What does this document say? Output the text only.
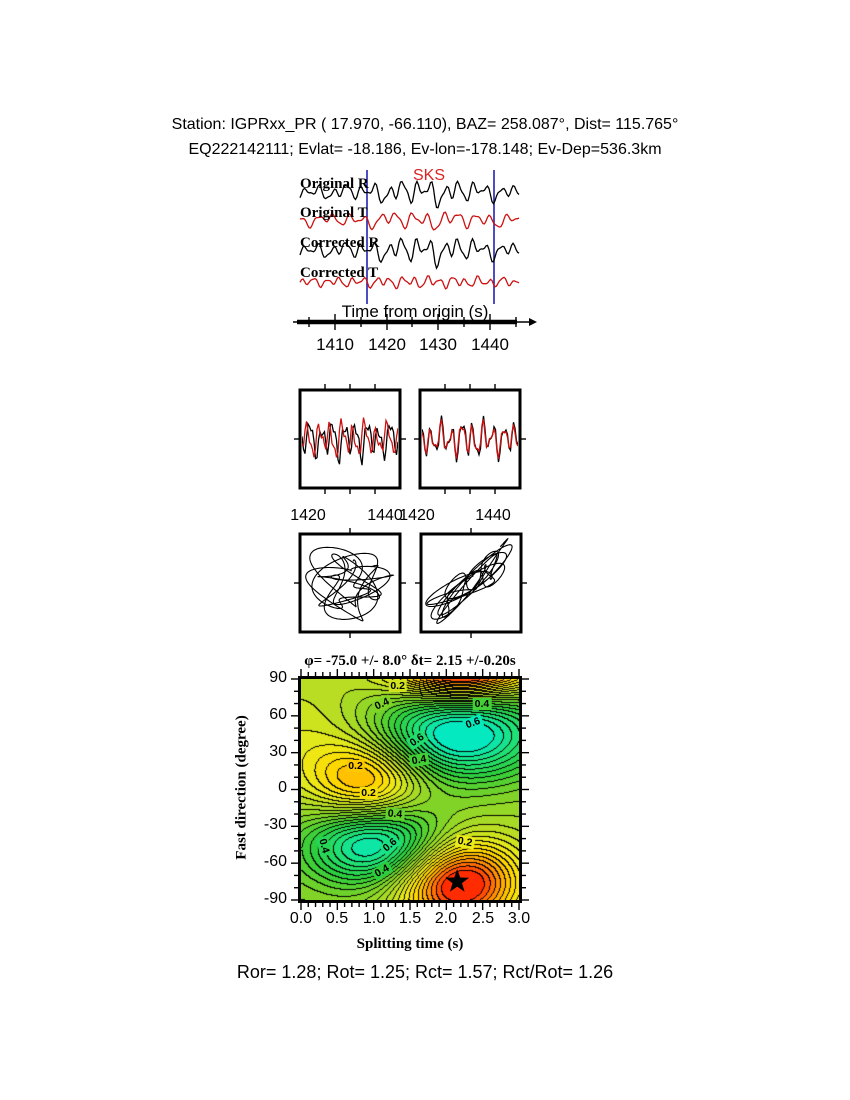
Station: IGPRxx_PR ( 17.970, -66.110), BAZ= 258.087°, Dist= 115.765°
EQ222142111; Evlat= -18.186, Ev-lon=-178.148; Ev-Dep=536.3km
Original R
Original T
Corrected R
Corrected T
SKS
Time from origin (s)
1410 1420 1430 1440
1420	1440
1420	1440
φ= -75.0 +/- 8.0° δt= 2.15 +/-0.20s
0.2
0.4	0.4
0.6
0.6
0.4
0.2
0.2
0.4
0.4	0.6
0.4
0.2
90
60
30
0
-30
-60
-90
0.0 0.5 1.0 1.5 2.0 2.5 3.0
Fast direction (degree)
Splitting time (s)
Ror= 1.28; Rot= 1.25; Rct= 1.57; Rct/Rot= 1.26
